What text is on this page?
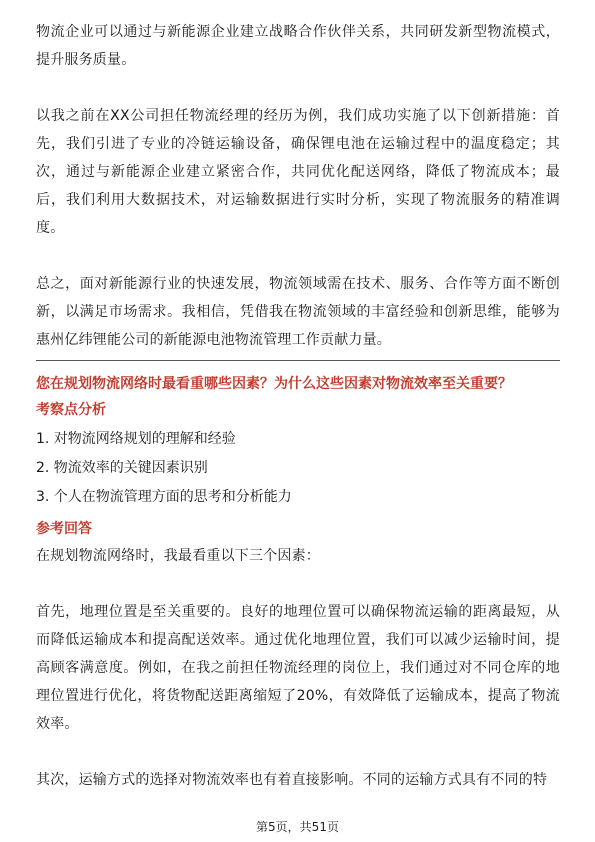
物流企业可以通过与新能源企业建立战略合作伙伴关系，共同研发新型物流模式，提升服务质量。

以我之前在XX公司担任物流经理的经历为例，我们成功实施了以下创新措施：首先，我们引进了专业的冷链运输设备，确保锂电池在运输过程中的温度稳定；其次，通过与新能源企业建立紧密合作，共同优化配送网络，降低了物流成本；最后，我们利用大数据技术，对运输数据进行实时分析，实现了物流服务的精准调度。

总之，面对新能源行业的快速发展，物流领域需在技术、服务、合作等方面不断创新，以满足市场需求。我相信，凭借我在物流领域的丰富经验和创新思维，能够为惠州亿纬锂能公司的新能源电池物流管理工作贡献力量。

您在规划物流网络时最看重哪些因素？为什么这些因素对物流效率至关重要？

考察点分析

1. 对物流网络规划的理解和经验
2. 物流效率的关键因素识别
3. 个人在物流管理方面的思考和分析能力

参考回答

在规划物流网络时，我最看重以下三个因素：

首先，地理位置是至关重要的。良好的地理位置可以确保物流运输的距离最短，从而降低运输成本和提高配送效率。通过优化地理位置，我们可以减少运输时间，提高顾客满意度。例如，在我之前担任物流经理的岗位上，我们通过对不同仓库的地理位置进行优化，将货物配送距离缩短了20%，有效降低了运输成本，提高了物流效率。

其次，运输方式的选择对物流效率也有着直接影响。不同的运输方式具有不同的特

第5页，共51页
